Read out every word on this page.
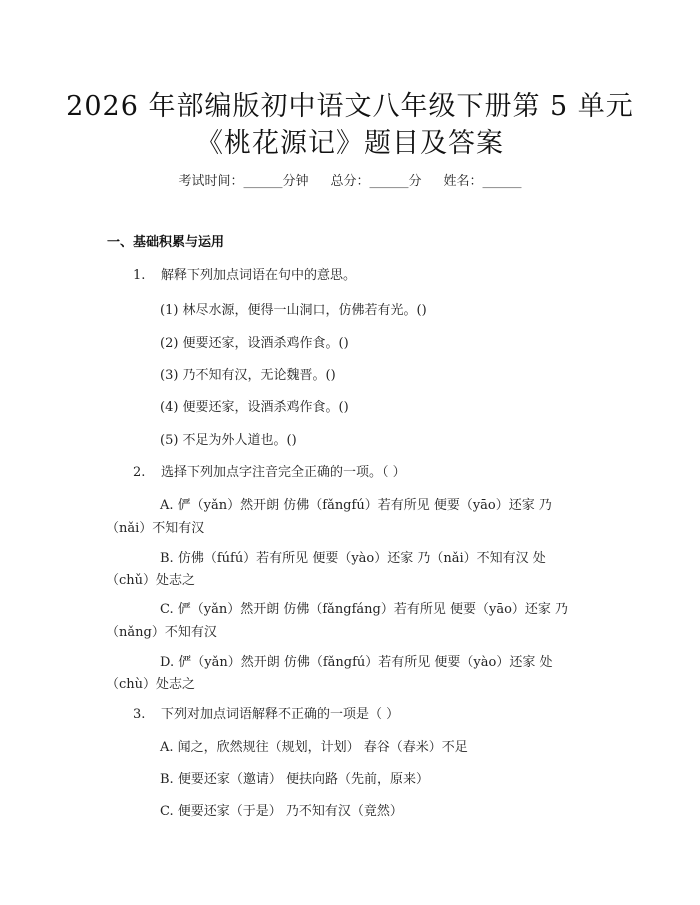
2026 年部编版初中语文八年级下册第 5 单元
《桃花源记》题目及答案
考试时间：______分钟 总分：______分 姓名：______
一、基础积累与运用
1. 解释下列加点词语在句中的意思。
(1) 林尽水源，便得一山洞口，仿佛若有光。()
(2) 便要还家，设酒杀鸡作食。()
(3) 乃不知有汉，无论魏晋。()
(4) 便要还家，设酒杀鸡作食。()
(5) 不足为外人道也。()
2. 选择下列加点字注音完全正确的一项。（ ）
A. 俨（yǎn）然开朗 仿佛（fǎngfú）若有所见 便要（yāo）还家 乃
（nǎi）不知有汉
B. 仿佛（fúfú）若有所见 便要（yào）还家 乃（nǎi）不知有汉 处
（chǔ）处志之
C. 俨（yǎn）然开朗 仿佛（fǎngfáng）若有所见 便要（yāo）还家 乃
（nǎng）不知有汉
D. 俨（yǎn）然开朗 仿佛（fǎngfú）若有所见 便要（yào）还家 处
（chù）处志之
3. 下列对加点词语解释不正确的一项是（ ）
A. 闻之，欣然规往（规划，计划） 春谷（春米）不足
B. 便要还家（邀请） 便扶向路（先前，原来）
C. 便要还家（于是） 乃不知有汉（竟然）
